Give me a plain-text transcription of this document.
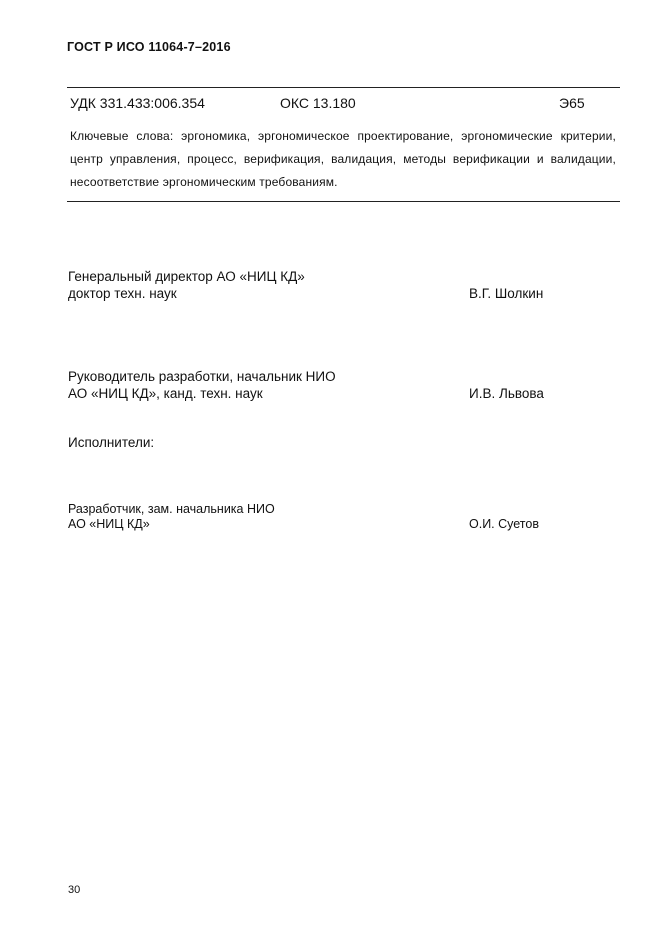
ГОСТ Р ИСО 11064-7–2016
УДК 331.433:006.354	ОКС 13.180	Э65
Ключевые слова: эргономика, эргономическое проектирование, эргономические критерии, центр управления, процесс, верификация, валидация, методы верификации и валидации, несоответствие эргономическим требованиям.
Генеральный директор АО «НИЦ КД»
доктор техн. наук	В.Г. Шолкин
Руководитель разработки, начальник НИО
АО «НИЦ КД», канд. техн. наук	И.В. Львова
Исполнители:
Разработчик, зам. начальника НИО
АО «НИЦ КД»	О.И. Суетов
30
